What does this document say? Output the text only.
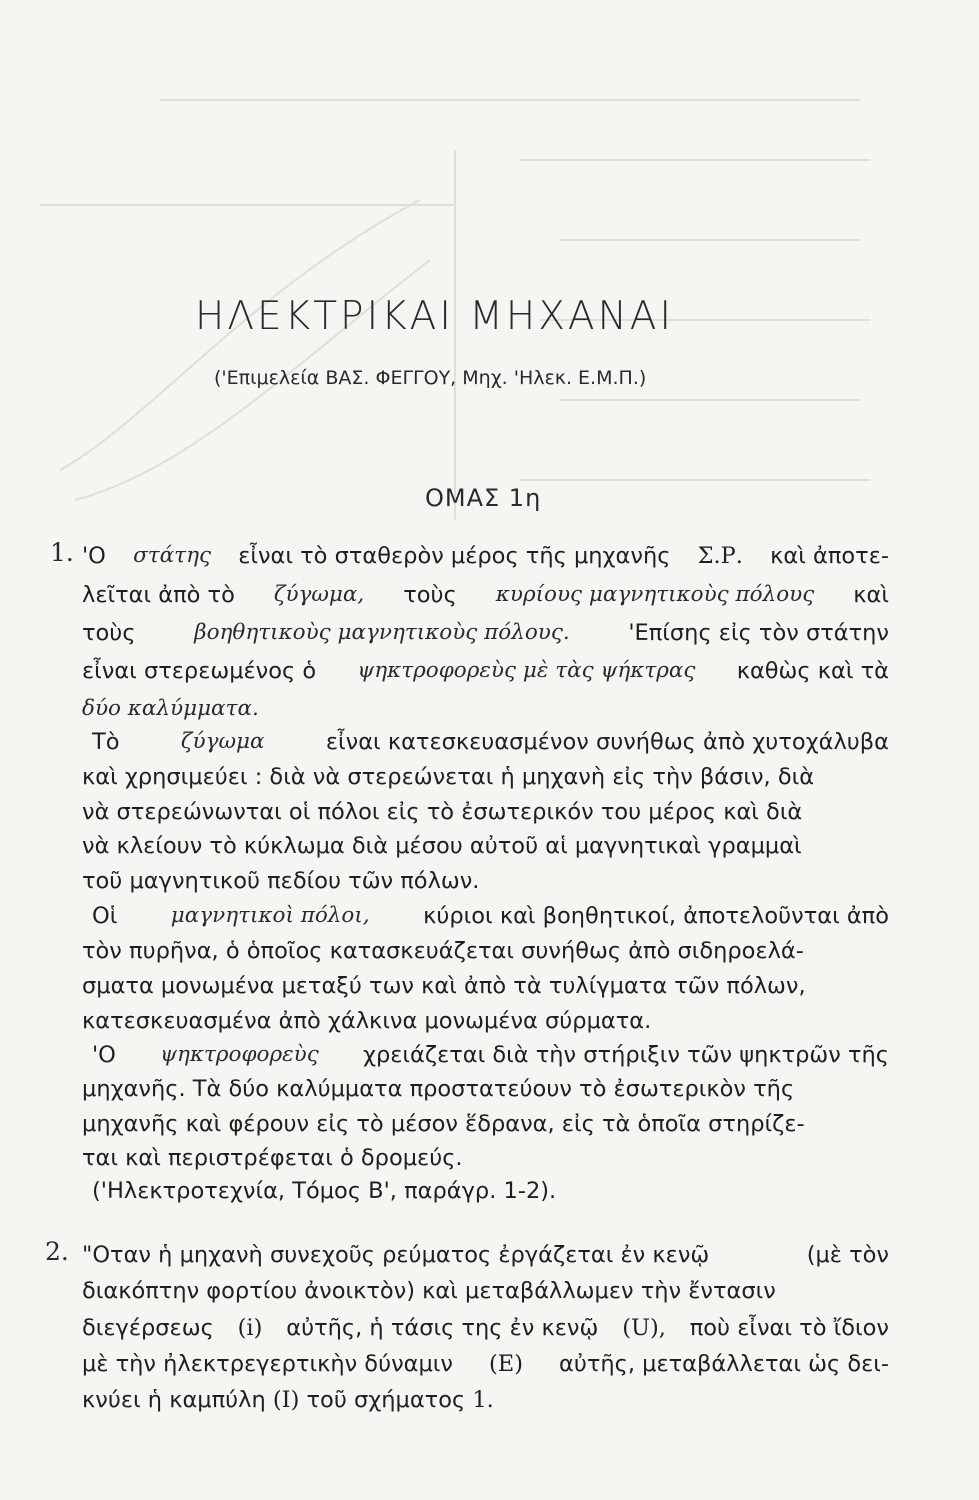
ΗΛΕΚΤΡΙΚΑΙ ΜΗΧΑΝΑΙ
('Επιμελεία ΒΑΣ. ΦΕΓΓΟΥ, Μηχ. 'Ηλεκ. Ε.Μ.Π.)
ΟΜΑΣ 1η
1. 'Ο στάτης εἶναι τὸ σταθερὸν μέρος τῆς μηχανῆς Σ.Ρ. καὶ ἀποτε-
λεῖται ἀπὸ τὸ ζύγωμα, τοὺς κυρίους μαγνητικοὺς πόλους καὶ
τοὺς	βοηθητικοὺς μαγνητικοὺς πόλους.	'Επίσης εἰς τὸν στάτην
εἶναι στερεωμένος ὁ ψηκτροφορεὺς μὲ τὰς ψήκτρας καθὼς καὶ τὰ
δύο καλύμματα.
Τὸ	ζύγωμα	εἶναι κατεσκευασμένον συνήθως ἀπὸ χυτοχάλυβα
καὶ χρησιμεύει : διὰ νὰ στερεώνεται ἡ μηχανὴ εἰς τὴν βάσιν, διὰ
νὰ στερεώνωνται οἱ πόλοι εἰς τὸ ἐσωτερικόν του μέρος καὶ διὰ
νὰ κλείουν τὸ κύκλωμα διὰ μέσου αὐτοῦ αἱ μαγνητικαὶ γραμμαὶ
τοῦ μαγνητικοῦ πεδίου τῶν πόλων.
Οἱ μαγνητικοὶ πόλοι, κύριοι καὶ βοηθητικοί, ἀποτελοῦνται ἀπὸ
τὸν πυρῆνα, ὁ ὁποῖος κατασκευάζεται συνήθως ἀπὸ σιδηροελά-
σματα μονωμένα μεταξύ των καὶ ἀπὸ τὰ τυλίγματα τῶν πόλων,
κατεσκευασμένα ἀπὸ χάλκινα μονωμένα σύρματα.
'Ο ψηκτροφορεὺς χρειάζεται διὰ τὴν στήριξιν τῶν ψηκτρῶν τῆς
μηχανῆς. Τὰ δύο καλύμματα προστατεύουν τὸ ἐσωτερικὸν τῆς
μηχανῆς καὶ φέρουν εἰς τὸ μέσον ἕδρανα, εἰς τὰ ὁποῖα στηρίζε-
ται καὶ περιστρέφεται ὁ δρομεύς.
('Ηλεκτροτεχνία, Τόμος Β', παράγρ. 1-2).
2. "Οταν ἡ μηχανὴ συνεχοῦς ρεύματος ἐργάζεται ἐν κενῷ	(μὲ τὸν
διακόπτην φορτίου ἀνοικτὸν) καὶ μεταβάλλωμεν τὴν ἔντασιν
διεγέρσεως (i) αὐτῆς, ἡ τάσις της ἐν κενῷ (U), ποὺ εἶναι τὸ ἴδιον
μὲ τὴν ἠλεκτρεγερτικὴν δύναμιν (E) αὐτῆς, μεταβάλλεται ὡς δει-
κνύει ἡ καμπύλη (I) τοῦ σχήματος 1.
